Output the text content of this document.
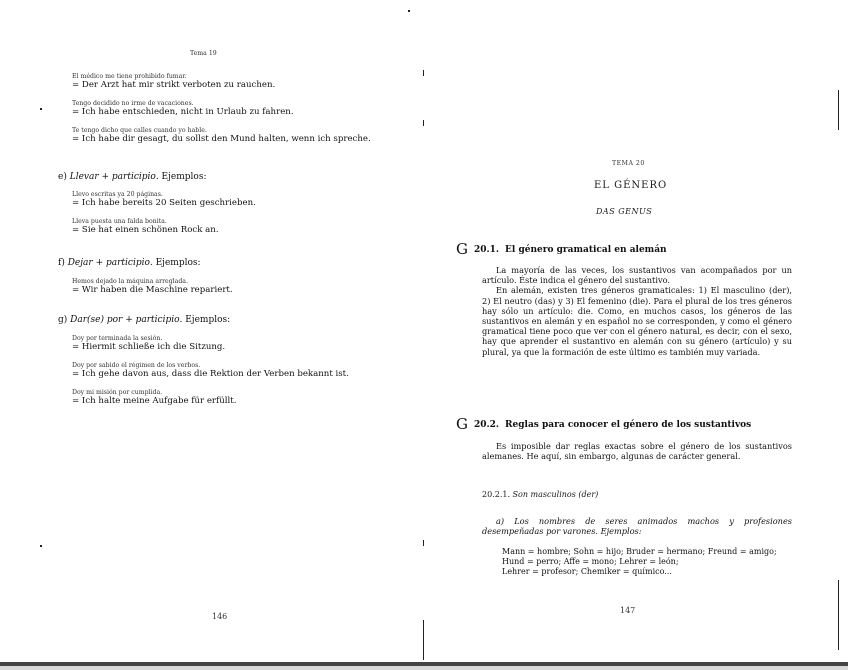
Tema 19
El médico me tiene prohibido fumar.
= Der Arzt hat mir strikt verboten zu rauchen.
Tengo decidido no irme de vacaciones.
= Ich habe entschieden, nicht in Urlaub zu fahren.
Te tengo dicho que calles cuando yo hable.
= Ich habe dir gesagt, du sollst den Mund halten, wenn ich spreche.
e) Llevar + participio. Ejemplos:
Llevo escritas ya 20 páginas.
= Ich habe bereits 20 Seiten geschrieben.
Lleva puesta una falda bonita.
= Sie hat einen schönen Rock an.
f) Dejar + participio. Ejemplos:
Hemos dejado la máquina arreglada.
= Wir haben die Maschine repariert.
g) Dar(se) por + participio. Ejemplos:
Doy por terminada la sesión.
= Hiermit schließe ich die Sitzung.
Doy por sabido el régimen de los verbos.
= Ich gehe davon aus, dass die Rektion der Verben bekannt ist.
Doy mi misión por cumplida.
= Ich halte meine Aufgabe für erfüllt.
146
TEMA 20
EL GÉNERO
DAS GENUS
G 20.1. El género gramatical en alemán

La mayoría de las veces, los sustantivos van acompañados por un artículo. Éste indica el género del sustantivo.

En alemán, existen tres géneros gramaticales: 1) El masculino (der), 2) El neutro (das) y 3) El femenino (die). Para el plural de los tres géneros hay sólo un artículo: die. Como, en muchos casos, los géneros de las sustantivos en alemán y en español no se corresponden, y como el género gramatical tiene poco que ver con el género natural, es decir, con el sexo, hay que aprender el sustantivo en alemán con su género (artículo) y su plural, ya que la formación de este último es también muy variada.

G 20.2. Reglas para conocer el género de los sustantivos

Es imposible dar reglas exactas sobre el género de los sustantivos alemanes. He aquí, sin embargo, algunas de carácter general.

20.2.1. Son masculinos (der)

a) Los nombres de seres animados machos y profesiones desempeñadas por varones. Ejemplos:

Mann = hombre; Sohn = hijo; Bruder = hermano; Freund = amigo;
Hund = perro; Affe = mono; Lehrer = león;
Lehrer = profesor; Chemiker = químico...
147
